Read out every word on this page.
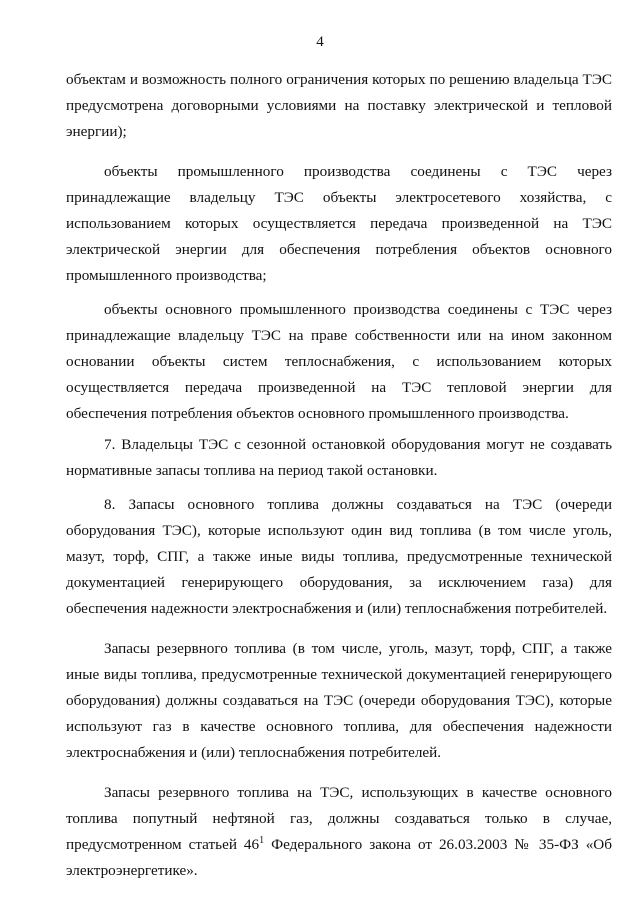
4

объектам и возможность полного ограничения которых по решению владельца ТЭС предусмотрена договорными условиями на поставку электрической и тепловой энергии);

объекты промышленного производства соединены с ТЭС через принадлежащие владельцу ТЭС объекты электросетевого хозяйства, с использованием которых осуществляется передача произведенной на ТЭС электрической энергии для обеспечения потребления объектов основного промышленного производства;

объекты основного промышленного производства соединены с ТЭС через принадлежащие владельцу ТЭС на праве собственности или на ином законном основании объекты систем теплоснабжения, с использованием которых осуществляется передача произведенной на ТЭС тепловой энергии для обеспечения потребления объектов основного промышленного производства.

7. Владельцы ТЭС с сезонной остановкой оборудования могут не создавать нормативные запасы топлива на период такой остановки.

8. Запасы основного топлива должны создаваться на ТЭС (очереди оборудования ТЭС), которые используют один вид топлива (в том числе уголь, мазут, торф, СПГ, а также иные виды топлива, предусмотренные технической документацией генерирующего оборудования, за исключением газа) для обеспечения надежности электроснабжения и (или) теплоснабжения потребителей.

Запасы резервного топлива (в том числе, уголь, мазут, торф, СПГ, а также иные виды топлива, предусмотренные технической документацией генерирующего оборудования) должны создаваться на ТЭС (очереди оборудования ТЭС), которые используют газ в качестве основного топлива, для обеспечения надежности электроснабжения и (или) теплоснабжения потребителей.

Запасы резервного топлива на ТЭС, использующих в качестве основного топлива попутный нефтяной газ, должны создаваться только в случае, предусмотренном статьей $46^1$ Федерального закона от 26.03.2003 № 35-ФЗ «Об электроэнергетике».
